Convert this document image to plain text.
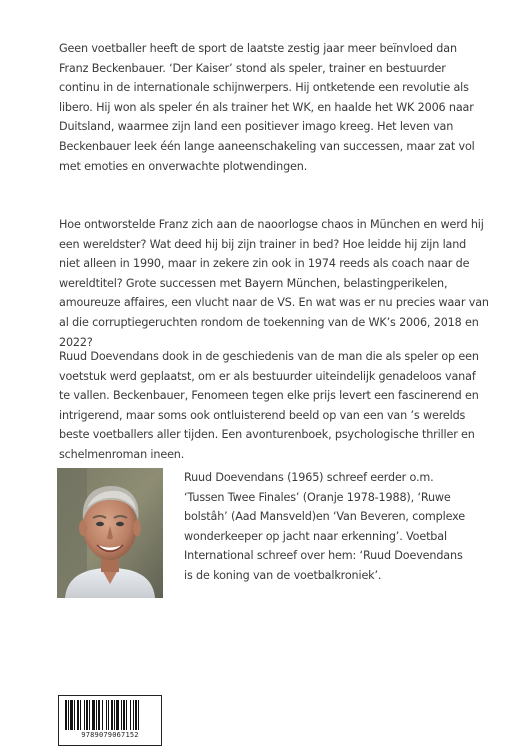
Geen voetballer heeft de sport de laatste zestig jaar meer beïnvloed dan Franz Beckenbauer. ‘Der Kaiser’ stond als speler, trainer en bestuurder continu in de internationale schijnwerpers. Hij ontketende een revolutie als libero. Hij won als speler én als trainer het WK, en haalde het WK 2006 naar Duitsland, waarmee zijn land een positiever imago kreeg. Het leven van Beckenbauer leek één lange aaneenschakeling van successen, maar zat vol met emoties en onverwachte plotwendingen.

Hoe ontworstelde Franz zich aan de naoorlogse chaos in München en werd hij een wereldster? Wat deed hij bij zijn trainer in bed? Hoe leidde hij zijn land niet alleen in 1990, maar in zekere zin ook in 1974 reeds als coach naar de wereldtitel? Grote successen met Bayern München, belastingperikelen, amoureuze affaires, een vlucht naar de VS. En wat was er nu precies waar van al die corruptiegeruchten rondom de toekenning van de WK’s 2006, 2018 en 2022?

Ruud Doevendans dook in de geschiedenis van de man die als speler op een voetstuk werd geplaatst, om er als bestuurder uiteindelijk genadeloos vanaf te vallen. Beckenbauer, Fenomeen tegen elke prijs levert een fascinerend en intrigerend, maar soms ook ontluisterend beeld op van een van ’s werelds beste voetballers aller tijden. Een avonturenboek, psychologische thriller en schelmenroman ineen.

Ruud Doevendans (1965) schreef eerder o.m. ‘Tussen Twee Finales’ (Oranje 1978-1988), ‘Ruwe bolstâh’ (Aad Mansveld)en ‘Van Beveren, complexe wonderkeeper op jacht naar erkenning’. Voetbal International schreef over hem: ‘Ruud Doevendans is de koning van de voetbalkroniek’.

9789079067152
